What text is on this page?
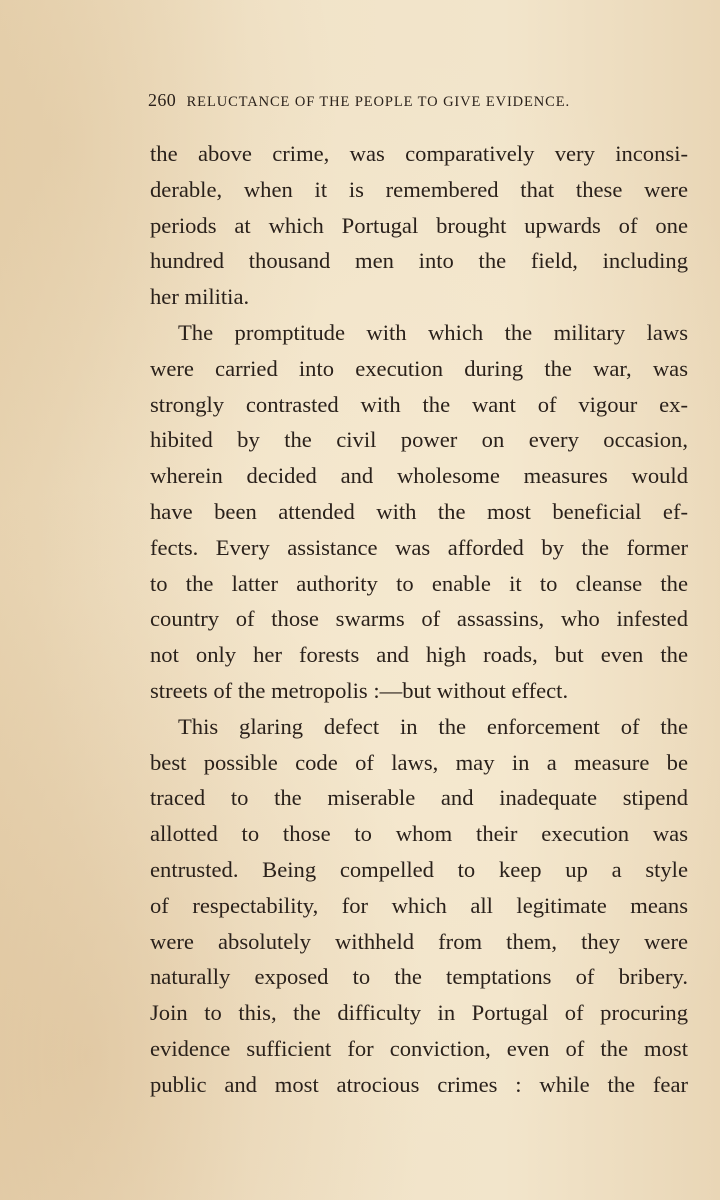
260 RELUCTANCE OF THE PEOPLE TO GIVE EVIDENCE.
the above crime, was comparatively very inconsi-
derable, when it is remembered that these were
periods at which Portugal brought upwards of one
hundred thousand men into the field, including
her militia.
The promptitude with which the military laws
were carried into execution during the war, was
strongly contrasted with the want of vigour ex-
hibited by the civil power on every occasion,
wherein decided and wholesome measures would
have been attended with the most beneficial ef-
fects. Every assistance was afforded by the former
to the latter authority to enable it to cleanse the
country of those swarms of assassins, who infested
not only her forests and high roads, but even the
streets of the metropolis :—but without effect.
This glaring defect in the enforcement of the
best possible code of laws, may in a measure be
traced to the miserable and inadequate stipend
allotted to those to whom their execution was
entrusted. Being compelled to keep up a style
of respectability, for which all legitimate means
were absolutely withheld from them, they were
naturally exposed to the temptations of bribery.
Join to this, the difficulty in Portugal of procuring
evidence sufficient for conviction, even of the most
public and most atrocious crimes : while the fear
